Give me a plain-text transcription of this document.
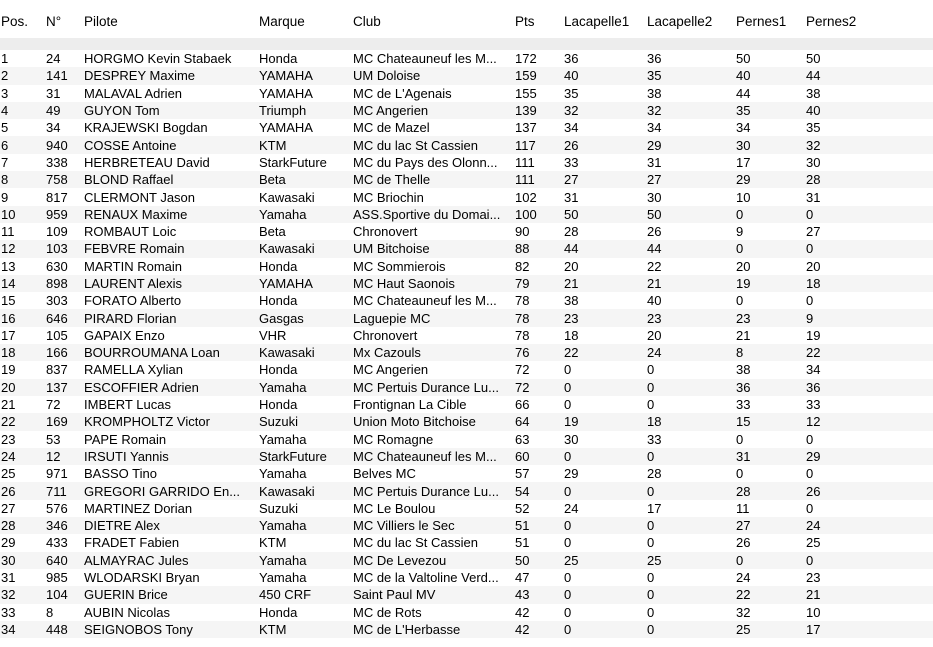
Pos.	N°	Pilote	Marque	Club	Pts	Lacapelle1	Lacapelle2	Pernes1	Pernes2

1	24	HORGMO Kevin Stabaek	Honda	MC Chateauneuf les M...	172	36	36	50	50
2	141	DESPREY Maxime	YAMAHA	UM Doloise	159	40	35	40	44
3	31	MALAVAL Adrien	YAMAHA	MC de L'Agenais	155	35	38	44	38
4	49	GUYON Tom	Triumph	MC Angerien	139	32	32	35	40
5	34	KRAJEWSKI Bogdan	YAMAHA	MC de Mazel	137	34	34	34	35
6	940	COSSE Antoine	KTM	MC du lac St Cassien	117	26	29	30	32
7	338	HERBRETEAU David	StarkFuture	MC du Pays des Olonn...	111	33	31	17	30
8	758	BLOND Raffael	Beta	MC de Thelle	111	27	27	29	28
9	817	CLERMONT Jason	Kawasaki	MC Briochin	102	31	30	10	31
10	959	RENAUX Maxime	Yamaha	ASS.Sportive du Domai...	100	50	50	0	0
11	109	ROMBAUT Loic	Beta	Chronovert	90	28	26	9	27
12	103	FEBVRE Romain	Kawasaki	UM Bitchoise	88	44	44	0	0
13	630	MARTIN Romain	Honda	MC Sommierois	82	20	22	20	20
14	898	LAURENT Alexis	YAMAHA	MC Haut Saonois	79	21	21	19	18
15	303	FORATO Alberto	Honda	MC Chateauneuf les M...	78	38	40	0	0
16	646	PIRARD Florian	Gasgas	Laguepie MC	78	23	23	23	9
17	105	GAPAIX Enzo	VHR	Chronovert	78	18	20	21	19
18	166	BOURROUMANA Loan	Kawasaki	Mx Cazouls	76	22	24	8	22
19	837	RAMELLA Xylian	Honda	MC Angerien	72	0	0	38	34
20	137	ESCOFFIER Adrien	Yamaha	MC Pertuis Durance Lu...	72	0	0	36	36
21	72	IMBERT Lucas	Honda	Frontignan La Cible	66	0	0	33	33
22	169	KROMPHOLTZ Victor	Suzuki	Union Moto Bitchoise	64	19	18	15	12
23	53	PAPE Romain	Yamaha	MC Romagne	63	30	33	0	0
24	12	IRSUTI Yannis	StarkFuture	MC Chateauneuf les M...	60	0	0	31	29
25	971	BASSO Tino	Yamaha	Belves MC	57	29	28	0	0
26	711	GREGORI GARRIDO En...	Kawasaki	MC Pertuis Durance Lu...	54	0	0	28	26
27	576	MARTINEZ Dorian	Suzuki	MC Le Boulou	52	24	17	11	0
28	346	DIETRE Alex	Yamaha	MC Villiers le Sec	51	0	0	27	24
29	433	FRADET Fabien	KTM	MC du lac St Cassien	51	0	0	26	25
30	640	ALMAYRAC Jules	Yamaha	MC De Levezou	50	25	25	0	0
31	985	WLODARSKI Bryan	Yamaha	MC de la Valtoline Verd...	47	0	0	24	23
32	104	GUERIN Brice	450 CRF	Saint Paul MV	43	0	0	22	21
33	8	AUBIN Nicolas	Honda	MC de Rots	42	0	0	32	10
34	448	SEIGNOBOS Tony	KTM	MC de L'Herbasse	42	0	0	25	17
